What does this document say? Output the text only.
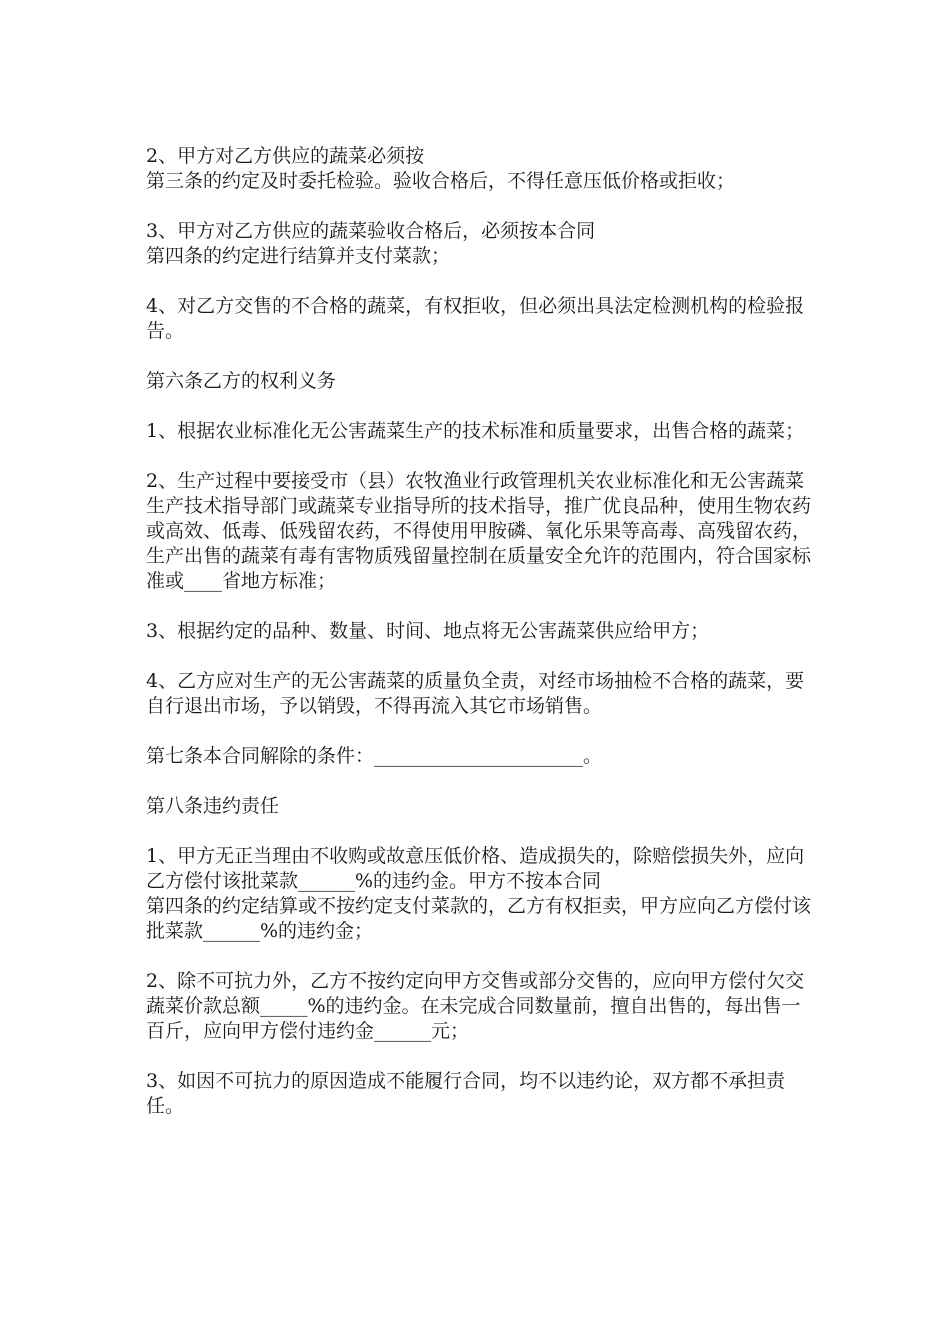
2、甲方对乙方供应的蔬菜必须按
第三条的约定及时委托检验。验收合格后，不得任意压低价格或拒收；

3、甲方对乙方供应的蔬菜验收合格后，必须按本合同
第四条的约定进行结算并支付菜款；

4、对乙方交售的不合格的蔬菜，有权拒收，但必须出具法定检测机构的检验报告。

第六条乙方的权利义务

1、根据农业标准化无公害蔬菜生产的技术标准和质量要求，出售合格的蔬菜；

2、生产过程中要接受市（县）农牧渔业行政管理机关农业标准化和无公害蔬菜生产技术指导部门或蔬菜专业指导所的技术指导，推广优良品种，使用生物农药或高效、低毒、低残留农药，不得使用甲胺磷、氧化乐果等高毒、高残留农药，生产出售的蔬菜有毒有害物质残留量控制在质量安全允许的范围内，符合国家标准或____省地方标准；

3、根据约定的品种、数量、时间、地点将无公害蔬菜供应给甲方；

4、乙方应对生产的无公害蔬菜的质量负全责，对经市场抽检不合格的蔬菜，要自行退出市场，予以销毁，不得再流入其它市场销售。

第七条本合同解除的条件：______________________。

第八条违约责任

1、甲方无正当理由不收购或故意压低价格、造成损失的，除赔偿损失外，应向乙方偿付该批菜款______%的违约金。甲方不按本合同
第四条的约定结算或不按约定支付菜款的，乙方有权拒卖，甲方应向乙方偿付该批菜款______%的违约金；

2、除不可抗力外，乙方不按约定向甲方交售或部分交售的，应向甲方偿付欠交蔬菜价款总额_____%的违约金。在未完成合同数量前，擅自出售的，每出售一百斤，应向甲方偿付违约金______元；

3、如因不可抗力的原因造成不能履行合同，均不以违约论，双方都不承担责任。
